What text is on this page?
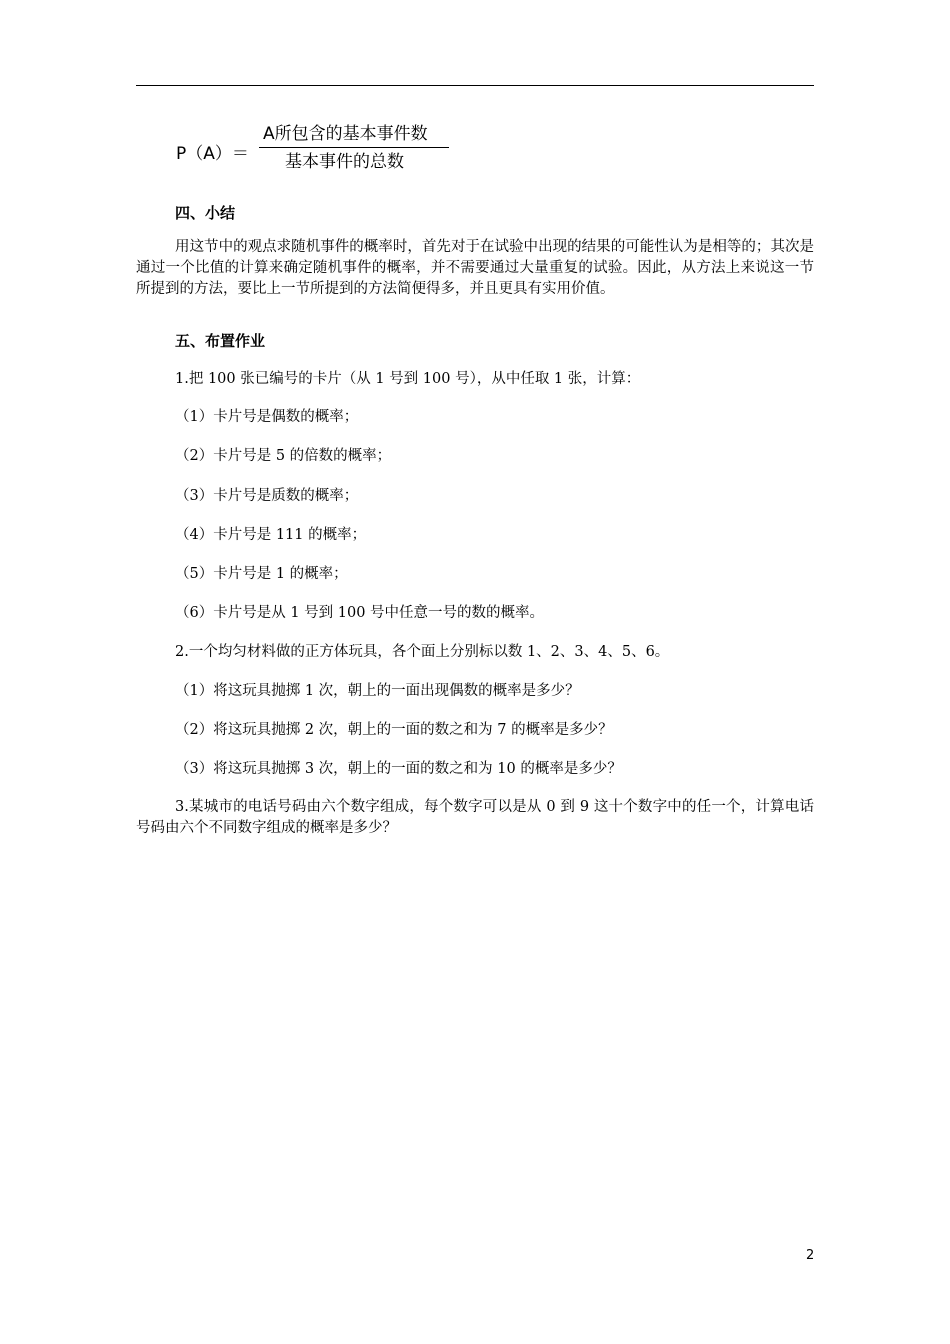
P（A）＝
A所包含的基本事件数
基本事件的总数
四、小结
用这节中的观点求随机事件的概率时，首先对于在试验中出现的结果的可能性认为是相等的；其次是通过一个比值的计算来确定随机事件的概率，并不需要通过大量重复的试验。因此，从方法上来说这一节所提到的方法，要比上一节所提到的方法简便得多，并且更具有实用价值。
五、布置作业
1.把 100 张已编号的卡片（从 1 号到 100 号），从中任取 1 张，计算：
（1）卡片号是偶数的概率；
（2）卡片号是 5 的倍数的概率；
（3）卡片号是质数的概率；
（4）卡片号是 111 的概率；
（5）卡片号是 1 的概率；
（6）卡片号是从 1 号到 100 号中任意一号的数的概率。
2.一个均匀材料做的正方体玩具，各个面上分别标以数 1、2、3、4、5、6。
（1）将这玩具抛掷 1 次，朝上的一面出现偶数的概率是多少？
（2）将这玩具抛掷 2 次，朝上的一面的数之和为 7 的概率是多少？
（3）将这玩具抛掷 3 次，朝上的一面的数之和为 10 的概率是多少？
3.某城市的电话号码由六个数字组成，每个数字可以是从 0 到 9 这十个数字中的任一个，计算电话号码由六个不同数字组成的概率是多少？
2
